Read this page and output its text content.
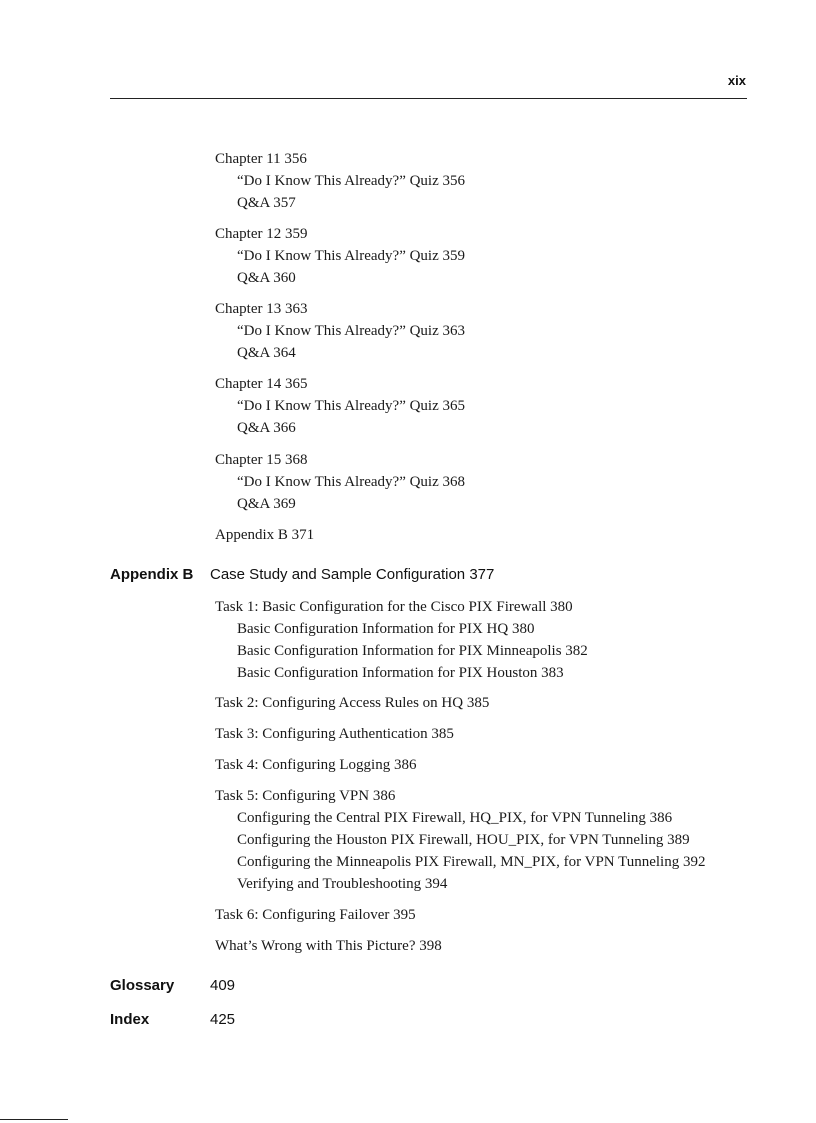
xix
Chapter 11 356
“Do I Know This Already?” Quiz 356
Q&A 357
Chapter 12 359
“Do I Know This Already?” Quiz 359
Q&A 360
Chapter 13 363
“Do I Know This Already?” Quiz 363
Q&A 364
Chapter 14 365
“Do I Know This Already?” Quiz 365
Q&A 366
Chapter 15 368
“Do I Know This Already?” Quiz 368
Q&A 369
Appendix B 371
Appendix B Case Study and Sample Configuration 377
Task 1: Basic Configuration for the Cisco PIX Firewall 380
Basic Configuration Information for PIX HQ 380
Basic Configuration Information for PIX Minneapolis 382
Basic Configuration Information for PIX Houston 383
Task 2: Configuring Access Rules on HQ 385
Task 3: Configuring Authentication 385
Task 4: Configuring Logging 386
Task 5: Configuring VPN 386
Configuring the Central PIX Firewall, HQ_PIX, for VPN Tunneling 386
Configuring the Houston PIX Firewall, HOU_PIX, for VPN Tunneling 389
Configuring the Minneapolis PIX Firewall, MN_PIX, for VPN Tunneling 392
Verifying and Troubleshooting 394
Task 6: Configuring Failover 395
What’s Wrong with This Picture? 398
Glossary 409
Index	425
